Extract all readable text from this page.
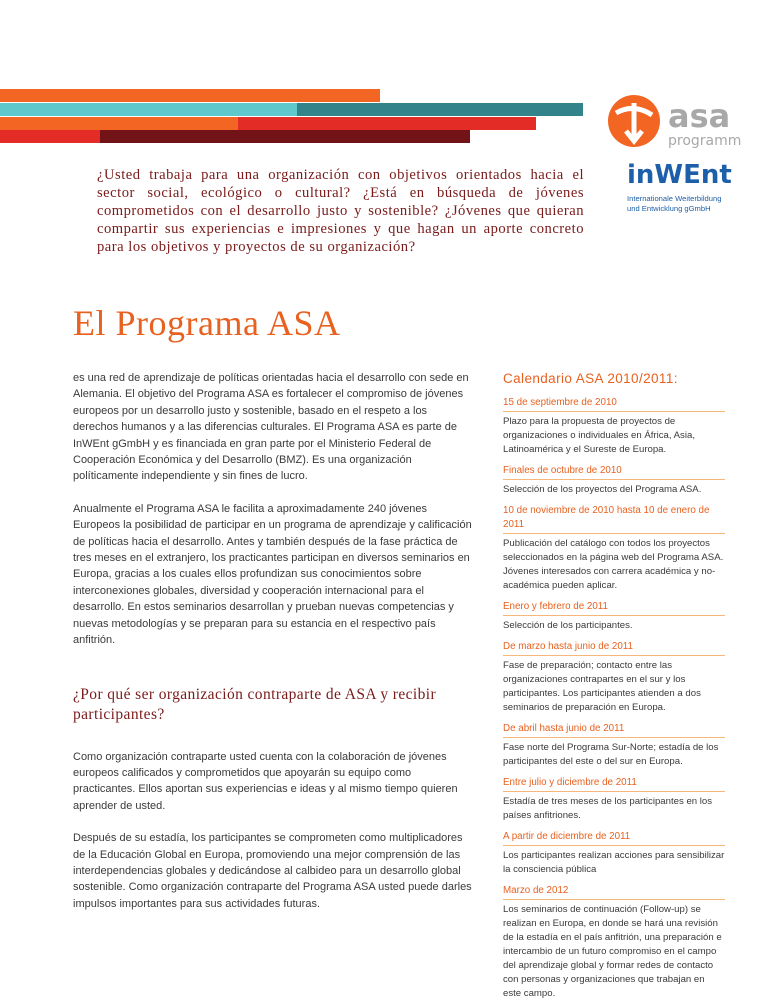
asa
programm
inWEnt
Internationale Weiterbildung
und Entwicklung gGmbH
¿Usted trabaja para una organización con objetivos orientados hacia el sector social, ecológico o cultural? ¿Está en búsqueda de jóvenes comprometidos con el desarrollo justo y sostenible? ¿Jóvenes que quieran compartir sus experiencias e impresiones y que hagan un aporte concreto para los objetivos y proyectos de su organización?
El Programa ASA

es una red de aprendizaje de políticas orientadas hacia el desarrollo con sede en Alemania. El objetivo del Programa ASA es fortalecer el compromiso de jóvenes europeos por un desarrollo justo y sostenible, basado en el respeto a los derechos humanos y a las diferencias culturales. El Programa ASA es parte de InWEnt gGmbH y es financiada en gran parte por el Ministerio Federal de Cooperación Económica y del Desarrollo (BMZ). Es una organización políticamente independiente y sin fines de lucro.

Anualmente el Programa ASA le facilita a aproximadamente 240 jóvenes Europeos la posibilidad de participar en un programa de aprendizaje y calificación de políticas hacia el desarrollo. Antes y también después de la fase práctica de tres meses en el extranjero, los practicantes participan en diversos seminarios en Europa, gracias a los cuales ellos profundizan sus conocimientos sobre interconexiones globales, diversidad y cooperación internacional para el desarrollo. En estos seminarios desarrollan y prueban nuevas competencias y nuevas metodologías y se preparan para su estancia en el respectivo país anfitrión.

¿Por qué ser organización contraparte de ASA y recibir participantes?

Como organización contraparte usted cuenta con la colaboración de jóvenes europeos calificados y comprometidos que apoyarán su equipo como practicantes. Ellos aportan sus experiencias e ideas y al mismo tiempo quieren aprender de usted.

Después de su estadía, los participantes se comprometen como multiplicadores de la Educación Global en Europa, promoviendo una mejor comprensión de las interdependencias globales y dedicándose al calbideo para un desarrollo global sostenible. Como organización contraparte del Programa ASA usted puede darles impulsos importantes para sus actividades futuras.

Calendario ASA 2010/2011:
15 de septiembre de 2010
Plazo para la propuesta de proyectos de organizaciones o individuales en África, Asia, Latinoamérica y el Sureste de Europa.
Finales de octubre de 2010
Selección de los proyectos del Programa ASA.
10 de noviembre de 2010 hasta 10 de enero de 2011
Publicación del catálogo con todos los proyectos seleccionados en la página web del Programa ASA. Jóvenes interesados con carrera académica y no-académica pueden aplicar.
Enero y febrero de 2011
Selección de los participantes.
De marzo hasta junio de 2011
Fase de preparación; contacto entre las organizaciones contrapartes en el sur y los participantes. Los participantes atienden a dos seminarios de preparación en Europa.
De abril hasta junio de 2011
Fase norte del Programa Sur-Norte; estadía de los participantes del este o del sur en Europa.
Entre julio y diciembre de 2011
Estadía de tres meses de los participantes en los países anfitriones.
A partir de diciembre de 2011
Los participantes realizan acciones para sensibilizar la consciencia pública
Marzo de 2012
Los seminarios de continuación (Follow-up) se realizan en Europa, en donde se hará una revisión de la estadía en el país anfitrión, una preparación e intercambio de un futuro compromiso en el campo del aprendizaje global y formar redes de contacto con personas y organizaciones que trabajan en este campo.
